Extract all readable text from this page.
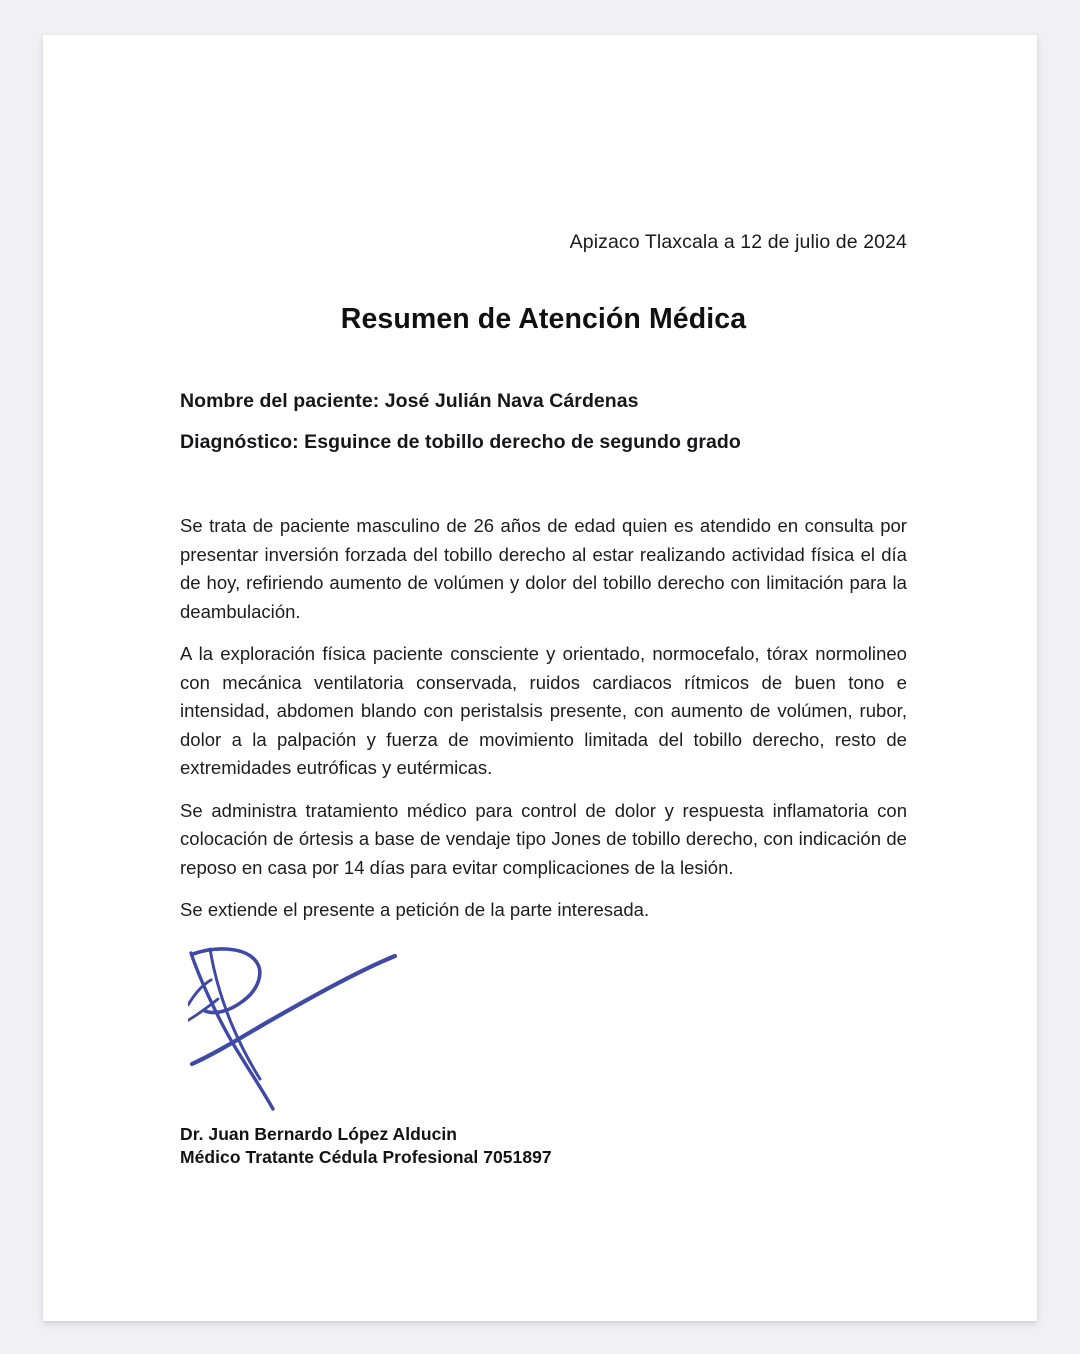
Apizaco Tlaxcala a 12 de julio de 2024
Resumen de Atención Médica
Nombre del paciente: José Julián Nava Cárdenas
Diagnóstico: Esguince de tobillo derecho de segundo grado

Se trata de paciente masculino de 26 años de edad quien es atendido en consulta por presentar inversión forzada del tobillo derecho al estar realizando actividad física el día de hoy, refiriendo aumento de volúmen y dolor del tobillo derecho con limitación para la deambulación.

A la exploración física paciente consciente y orientado, normocefalo, tórax normolineo con mecánica ventilatoria conservada, ruidos cardiacos rítmicos de buen tono e intensidad, abdomen blando con peristalsis presente, con aumento de volúmen, rubor, dolor a la palpación y fuerza de movimiento limitada del tobillo derecho, resto de extremidades eutróficas y eutérmicas.

Se administra tratamiento médico para control de dolor y respuesta inflamatoria con colocación de órtesis a base de vendaje tipo Jones de tobillo derecho, con indicación de reposo en casa por 14 días para evitar complicaciones de la lesión.

Se extiende el presente a petición de la parte interesada.

Dr. Juan Bernardo López Alducin
Médico Tratante Cédula Profesional 7051897
